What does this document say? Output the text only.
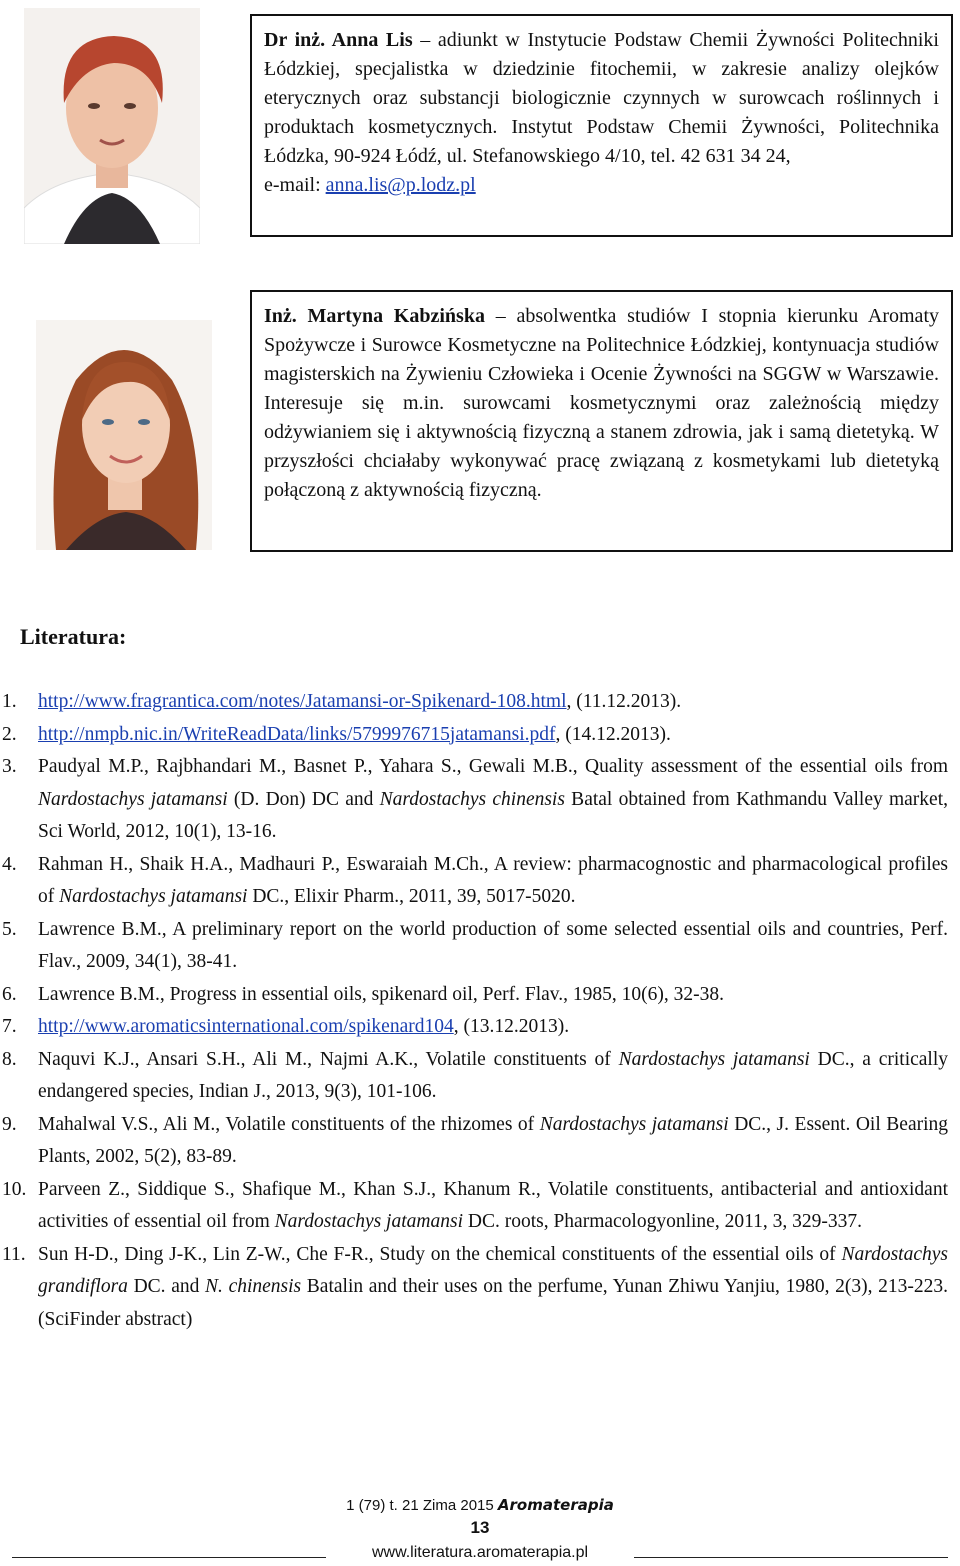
Dr inż. Anna Lis – adiunkt w Instytucie Podstaw Chemii Żywności Politechniki Łódzkiej, specjalistka w dziedzinie fitochemii, w zakresie analizy olejków eterycznych oraz substancji biologicznie czynnych w surowcach roślinnych i produktach kosmetycznych. Instytut Podstaw Chemii Żywności, Politechnika Łódzka, 90-924 Łódź, ul. Stefanowskiego 4/10, tel. 42 631 34 24,
e-mail: anna.lis@p.lodz.pl
Inż. Martyna Kabzińska – absolwentka studiów I stopnia kierunku Aromaty Spożywcze i Surowce Kosmetyczne na Politechnice Łódzkiej, kontynuacja studiów magisterskich na Żywieniu Człowieka i Ocenie Żywności na SGGW w Warszawie. Interesuje się m.in. surowcami kosmetycznymi oraz zależnością między odżywianiem się i aktywnością fizyczną a stanem zdrowia, jak i samą dietetyką. W przyszłości chciałaby wykonywać pracę związaną z kosmetykami lub dietetyką połączoną z aktywnością fizyczną.
Literatura:
1.	http://www.fragrantica.com/notes/Jatamansi-or-Spikenard-108.html, (11.12.2013).
2.	http://nmpb.nic.in/WriteReadData/links/5799976715jatamansi.pdf, (14.12.2013).
3.	Paudyal M.P., Rajbhandari M., Basnet P., Yahara S., Gewali M.B., Quality assessment of the essential oils from Nardostachys jatamansi (D. Don) DC and Nardostachys chinensis Batal obtained from Kathmandu Valley market, Sci World, 2012, 10(1), 13-16.
4.	Rahman H., Shaik H.A., Madhauri P., Eswaraiah M.Ch., A review: pharmacognostic and pharmacological profiles of Nardostachys jatamansi DC., Elixir Pharm., 2011, 39, 5017-5020.
5.	Lawrence B.M., A preliminary report on the world production of some selected essential oils and countries, Perf. Flav., 2009, 34(1), 38-41.
6.	Lawrence B.M., Progress in essential oils, spikenard oil, Perf. Flav., 1985, 10(6), 32-38.
7.	http://www.aromaticsinternational.com/spikenard104, (13.12.2013).
8.	Naquvi K.J., Ansari S.H., Ali M., Najmi A.K., Volatile constituents of Nardostachys jatamansi DC., a critically endangered species, Indian J., 2013, 9(3), 101-106.
9.	Mahalwal V.S., Ali M., Volatile constituents of the rhizomes of Nardostachys jatamansi DC., J. Essent. Oil Bearing Plants, 2002, 5(2), 83-89.
10. Parveen Z., Siddique S., Shafique M., Khan S.J., Khanum R., Volatile constituents, antibacterial and antioxidant activities of essential oil from Nardostachys jatamansi DC. roots, Pharmacologyonline, 2011, 3, 329-337.
11. Sun H-D., Ding J-K., Lin Z-W., Che F-R., Study on the chemical constituents of the essential oils of Nardostachys grandiflora DC. and N. chinensis Batalin and their uses on the perfume, Yunan Zhiwu Yanjiu, 1980, 2(3), 213-223. (SciFinder abstract)
1 (79) t. 21 Zima 2015 Aromaterapia
13
www.literatura.aromaterapia.pl
